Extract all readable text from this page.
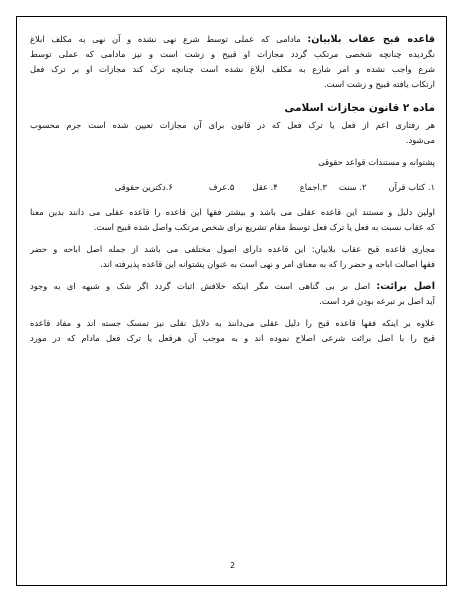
قاعده قبح عقاب بلابیان: مادامی که عملی توسط شرع نهی نشده و آن نهی به مکلف ابلاغ
نگردیده چنانچه شخصی مرتکب گردد مجازات او قبیح و زشت است و نیز مادامی که عملی توسط
شرع واجب نشده و امر شارع به مکلف ابلاغ نشده است چنانچه ترک کند مجازات او بر ترک فعل
ارتکاب یافته قبیح و زشت است.
ماده ۲ قانون مجازات اسلامی
هر رفتاری اعم از فعل یا ترک فعل که در قانون برای آن مجازات تعیین شده است جرم محسوب
می‌شود.
پشتوانه و مستندات قواعد حقوقی
۱. کتاب قرآن
۲. سنت
۳.اجماع
۴. عقل
۵.عرف
۶.دکترین حقوقی
اولین دلیل و مستند این قاعده عقلی می باشد و بیشتر فقها این قاعده را قاعده عقلی می دانند بدین معنا
که عقاب نسبت به فعل یا ترک فعل توسط مقام تشریع برای شخص مرتکب واصل شده قبیح است.
مجاری قاعده قبح عقاب بلابیان: این قاعده دارای اصول مختلفی می باشد از جمله اصل اباحه و حضر
فقها اصالت اباحه و حضر را که به معنای امر و نهی است به عنوان پشتوانه این قاعده پذیرفته اند.
اصل برائت: اصل بر بی گناهی است مگر اینکه خلافش اثبات گردد اگر شک و شبهه ای به وجود
آید اصل بر تبرعه بودن فرد است.
علاوه بر اینکه فقها قاعده قبح را دلیل عقلی می‌دانند به دلایل نقلی نیز تمسک جسته اند و مفاد قاعده
قبح را با اصل برائت شرعی اصلاح نموده اند و به موجب آن هرفعل یا ترک فعل مادام که در مورد
2
